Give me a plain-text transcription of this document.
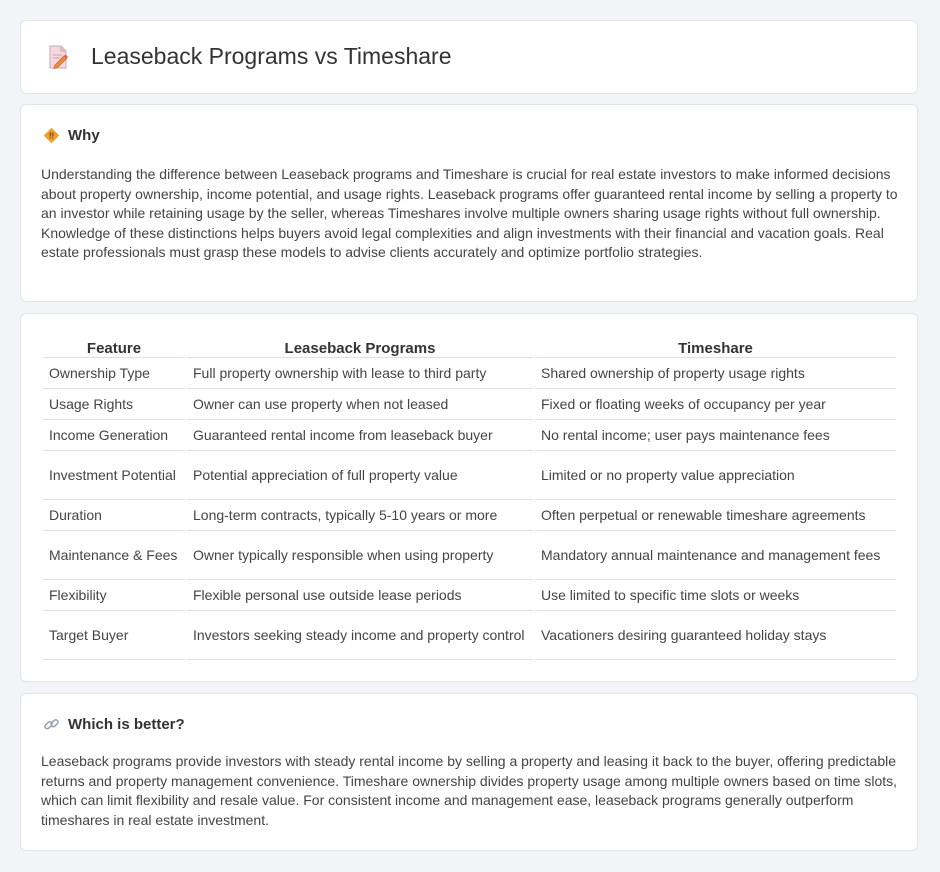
Leaseback Programs vs Timeshare
!! Why

Understanding the difference between Leaseback programs and Timeshare is crucial for real estate investors to make informed decisions about property ownership, income potential, and usage rights. Leaseback programs offer guaranteed rental income by selling a property to an investor while retaining usage by the seller, whereas Timeshares involve multiple owners sharing usage rights without full ownership. Knowledge of these distinctions helps buyers avoid legal complexities and align investments with their financial and vacation goals. Real estate professionals must grasp these models to advise clients accurately and optimize portfolio strategies.

Feature	Leaseback Programs	Timeshare
Ownership Type	Full property ownership with lease to third party	Shared ownership of property usage rights
Usage Rights	Owner can use property when not leased	Fixed or floating weeks of occupancy per year
Income Generation	Guaranteed rental income from leaseback buyer	No rental income; user pays maintenance fees
Investment Potential	Potential appreciation of full property value	Limited or no property value appreciation
Duration	Long-term contracts, typically 5-10 years or more	Often perpetual or renewable timeshare agreements
Maintenance & Fees	Owner typically responsible when using property	Mandatory annual maintenance and management fees
Flexibility	Flexible personal use outside lease periods	Use limited to specific time slots or weeks
Target Buyer	Investors seeking steady income and property control	Vacationers desiring guaranteed holiday stays
Which is better?

Leaseback programs provide investors with steady rental income by selling a property and leasing it back to the buyer, offering predictable returns and property management convenience. Timeshare ownership divides property usage among multiple owners based on time slots, which can limit flexibility and resale value. For consistent income and management ease, leaseback programs generally outperform timeshares in real estate investment.
